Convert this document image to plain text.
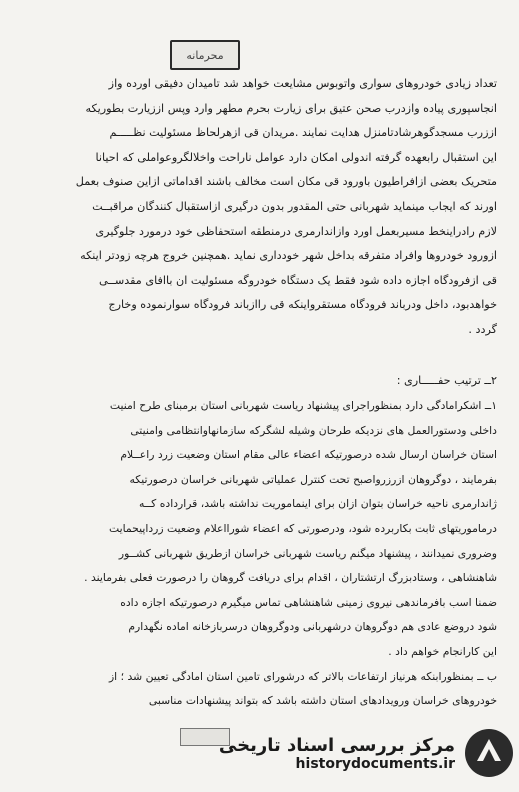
محرمانه
تعداد زیادی خودروهای سواری واتوبوس مشایعت خواهد شد تامیدان دفیقی اورده واز
انجاسپوری پیاده وازدرب صحن عتیق برای زیارت بحرم مطهر وارد وپس اززیارت بطوریکه
اززرب مسجدگوهرشادتامنزل هدایت نمایند .مریدان قی ازهرلحاظ مسئولیت نظـــــم
این استقبال رابعهده گرفته اندولی امکان دارد عوامل ناراحت واخلالگروعواملی که احیانا
متحریک بعضی ازافراطیون باورود قی مکان است مخالف باشند اقداماتی ازاین صنوف بعمل
اورند که ایجاب مینماید شهربانی حتی المقدور بدون درگیری ازاستقبال کنندگان مراقبــت
لازم رادراینخط مسیربعمل اورد وازاندارمری درمنطقه استحفاظی خود درمورد جلوگیری
ازورود خودروها وافراد متفرقه بداخل شهر خودداری نماید .همچنین خروج هرچه زودتر اینکه
قی ازفرودگاه اجازه داده شود فقط یک دستگاه خودروگه مسئولیت ان باافای مقدســی
خواهدبود، داخل ودرباند فرودگاه مستقرواینکه قی راازباند فرودگاه سوارنموده وخارج
گردد .
۲ــ ترتیب حفـــــاری :
۱ــ اشکرامادگی دارد بمنظوراجرای پیشنهاد ریاست شهربانی استان برمبنای طرح امنیت
داخلی ودستورالعمل های نزدیکه طرحان وشیله لشگرکه سازمانهاوانتظامی وامنیتی
استان خراسان ارسال شده درصورتیکه اعضاء عالی مقام استان وضعیت زرد راعــلام
بفرمایند ، دوگروهان ازرزرواصبح تحت کنترل عملیاتی شهربانی خراسان درصورتیکه
ژاندارمری ناحیه خراسان بتوان ازان برای اینماموریت نداشته باشد، قرارداده کــه
درماموریتهای ثابت بکاربرده شود، ودرصورتی که اعضاء شورااعلام وضعیت زرداپیحمایت
وضروری نمیدانند ، پیشنهاد میگنم ریاست شهربانی خراسان ازطریق شهربانی کشــور
شاهنشاهی ، وستادبزرگ ارتشتاران ، اقدام برای دریافت گروهان را درصورت فعلی بفرمایند .
ضمنا اسب بافرماندهی نیروی زمینی شاهنشاهی تماس میگیرم درصورتیکه اجازه داده
شود دروضع عادی هم دوگروهان درشهربانی ودوگروهان درسربازخانه اماده نگهدارم
این کارانجام خواهم داد .
ب ــ بمنظورابنکه هرنیاز ارتفاعات بالاتر که درشورای تامین استان امادگی تعیین شد ؛ از
خودروهای خراسان ورویدادهای استان داشته باشد که بتواند پیشنهادات مناسبی
مرکز بررسی اسناد تاریخی
historydocuments.ir
